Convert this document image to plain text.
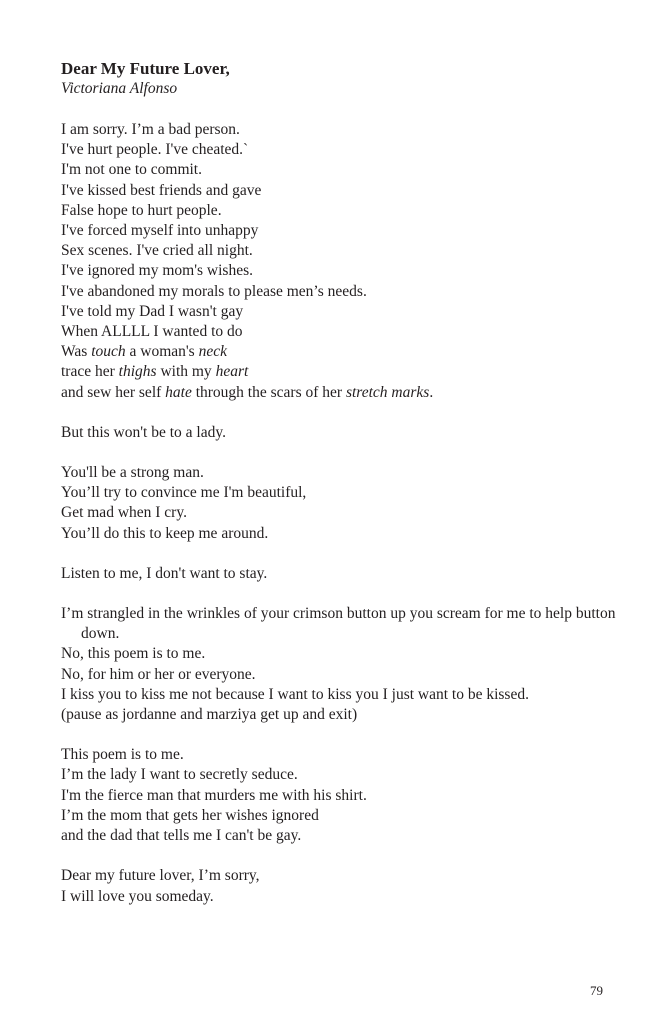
Dear My Future Lover,
Victoriana Alfonso
I am sorry. I’m a bad person.
I've hurt people. I've cheated.`
I'm not one to commit.
I've kissed best friends and gave
False hope to hurt people.
I've forced myself into unhappy
Sex scenes. I've cried all night.
I've ignored my mom's wishes.
I've abandoned my morals to please men’s needs.
I've told my Dad I wasn't gay
When ALLLL I wanted to do
Was touch a woman's neck
trace her thighs with my heart
and sew her self hate through the scars of her stretch marks.
But this won't be to a lady.
You'll be a strong man.
You’ll try to convince me I'm beautiful,
Get mad when I cry.
You’ll do this to keep me around.
Listen to me, I don't want to stay.
I’m strangled in the wrinkles of your crimson button up you scream for me to help button down.
No, this poem is to me.
No, for him or her or everyone.
I kiss you to kiss me not because I want to kiss you I just want to be kissed.
(pause as jordanne and marziya get up and exit)
This poem is to me.
I’m the lady I want to secretly seduce.
I'm the fierce man that murders me with his shirt.
I’m the mom that gets her wishes ignored
and the dad that tells me I can't be gay.
Dear my future lover, I’m sorry,
I will love you someday.
79
